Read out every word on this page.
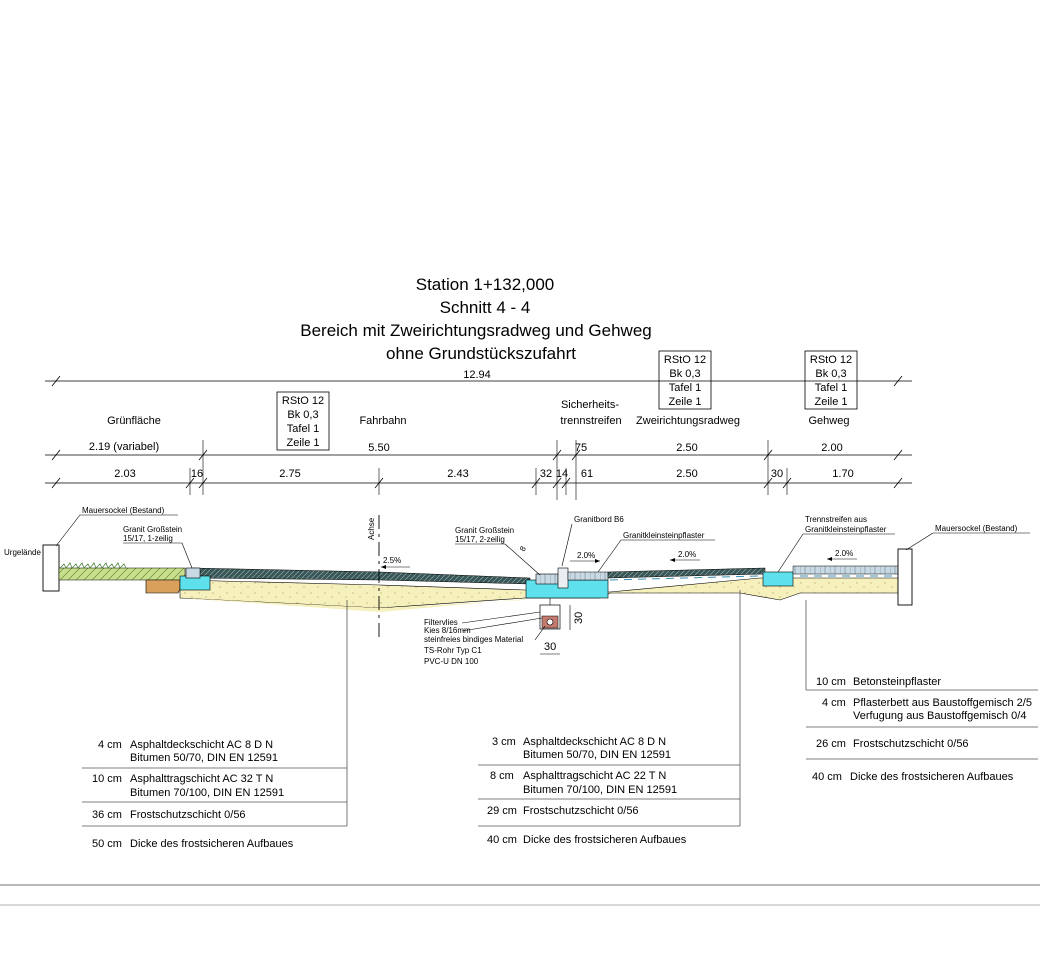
Station 1+132,000
Schnitt 4 - 4
Bereich mit Zweirichtungsradweg und Gehweg
ohne Grundstückszufahrt
RStO 12
Bk 0,3
Tafel 1
Zeile 1
RStO 12
Bk 0,3
Tafel 1
Zeile 1
RStO 12
Bk 0,3
Tafel 1
Zeile 1
12.94
Grünfläche	Fahrbahn
Sicherheits-
trennstreifen Zweirichtungsradweg	Gehweg
2.19 (variabel)	5.50	75	2.50	2.00
2.03	16	2.75	2.43	32 14 61	2.50	30	1.70
Mauersockel (Bestand)
Urgelände
Granit Großstein
15/17, 1-zeilig	Achse
2.5%
Granit Großstein
15/17, 2-zeilig
8
Granitbord B6
Granitkleinsteinpflaster
2.0%	2.0%
Trennstreifen aus
Granitkleinsteinpflaster
2.0%
Mauersockel (Bestand)
30
30
Filtervlies
Kies 8/16mm
steinfreies bindiges Material
TS-Rohr Typ C1
PVC-U DN 100
4 cm Asphaltdeckschicht AC 8 D N
Bitumen 50/70, DIN EN 12591
10 cm Asphalttragschicht AC 32 T N
Bitumen 70/100, DIN EN 12591
36 cm Frostschutzschicht 0/56
50 cm Dicke des frostsicheren Aufbaues
3 cm Asphaltdeckschicht AC 8 D N
Bitumen 50/70, DIN EN 12591
8 cm Asphalttragschicht AC 22 T N
Bitumen 70/100, DIN EN 12591
29 cm Frostschutzschicht 0/56
40 cm Dicke des frostsicheren Aufbaues
10 cm Betonsteinpflaster
4 cm Pflasterbett aus Baustoffgemisch 2/5
Verfugung aus Baustoffgemisch 0/4
26 cm Frostschutzschicht 0/56
40 cm Dicke des frostsicheren Aufbaues
